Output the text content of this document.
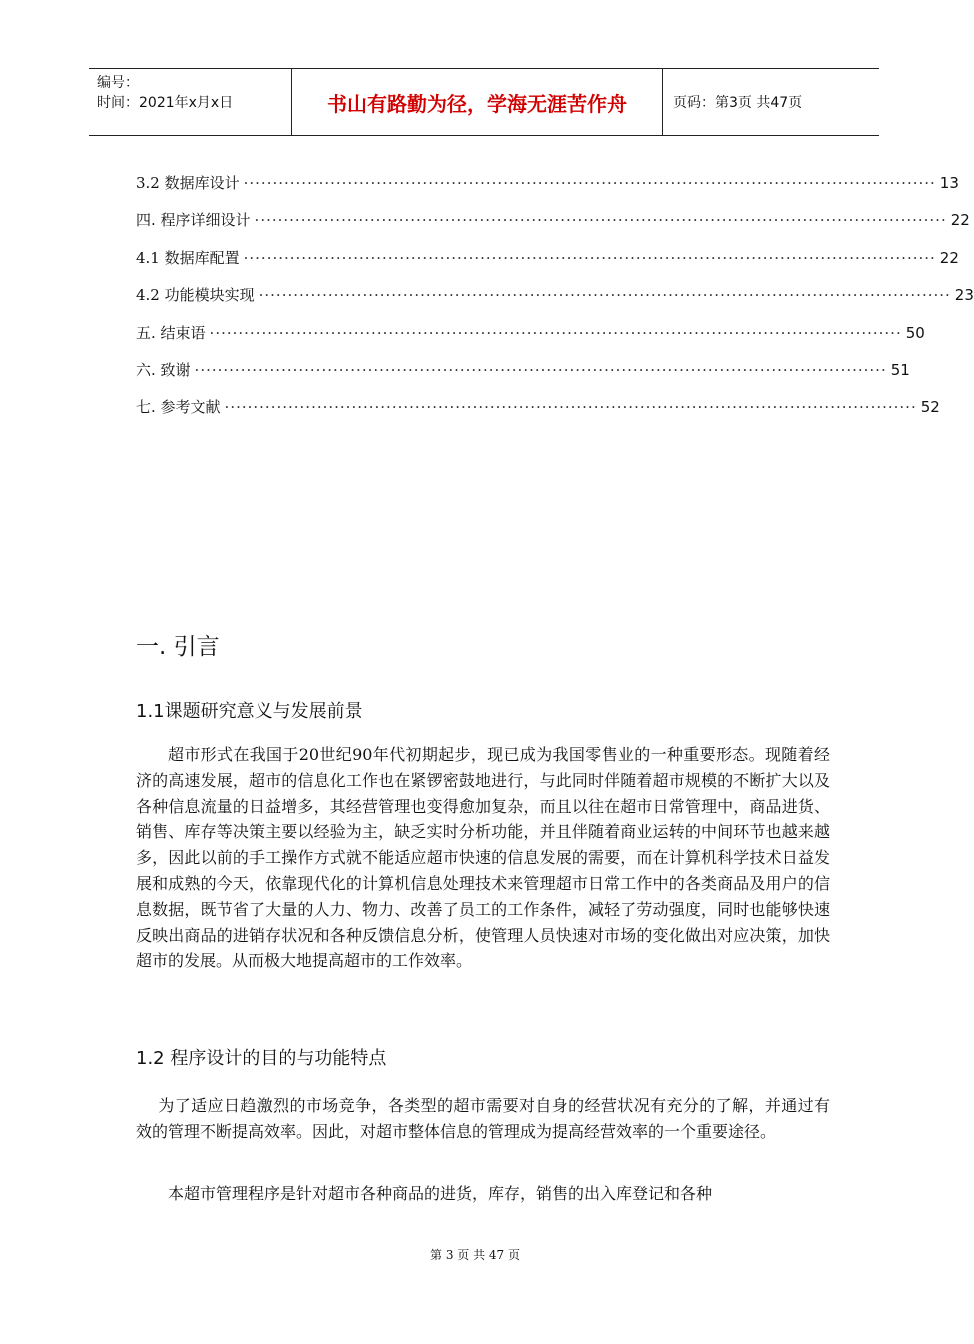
编号：
时间：2021年x月x日	书山有路勤为径，学海无涯苦作舟	页码：第3页 共47页
3.2 数据库设计 ························································································································ 13
四. 程序详细设计 ························································································································ 22
4.1 数据库配置 ························································································································ 22
4.2 功能模块实现 ························································································································ 23
五. 结束语 ························································································································ 50
六. 致谢 ························································································································ 51
七. 参考文献 ························································································································ 52
一. 引言
1.1课题研究意义与发展前景

超市形式在我国于20世纪90年代初期起步，现已成为我国零售业的一种重要形态。现随着经济的高速发展，超市的信息化工作也在紧锣密鼓地进行，与此同时伴随着超市规模的不断扩大以及各种信息流量的日益增多，其经营管理也变得愈加复杂，而且以往在超市日常管理中，商品进货、销售、库存等决策主要以经验为主，缺乏实时分析功能，并且伴随着商业运转的中间环节也越来越多，因此以前的手工操作方式就不能适应超市快速的信息发展的需要，而在计算机科学技术日益发展和成熟的今天，依靠现代化的计算机信息处理技术来管理超市日常工作中的各类商品及用户的信息数据，既节省了大量的人力、物力、改善了员工的工作条件，减轻了劳动强度，同时也能够快速反映出商品的进销存状况和各种反馈信息分析，使管理人员快速对市场的变化做出对应决策，加快超市的发展。从而极大地提高超市的工作效率。

1.2 程序设计的目的与功能特点

为了适应日趋激烈的市场竞争，各类型的超市需要对自身的经营状况有充分的了解，并通过有效的管理不断提高效率。因此，对超市整体信息的管理成为提高经营效率的一个重要途径。

本超市管理程序是针对超市各种商品的进货，库存，销售的出入库登记和各种

第 3 页 共 47 页
